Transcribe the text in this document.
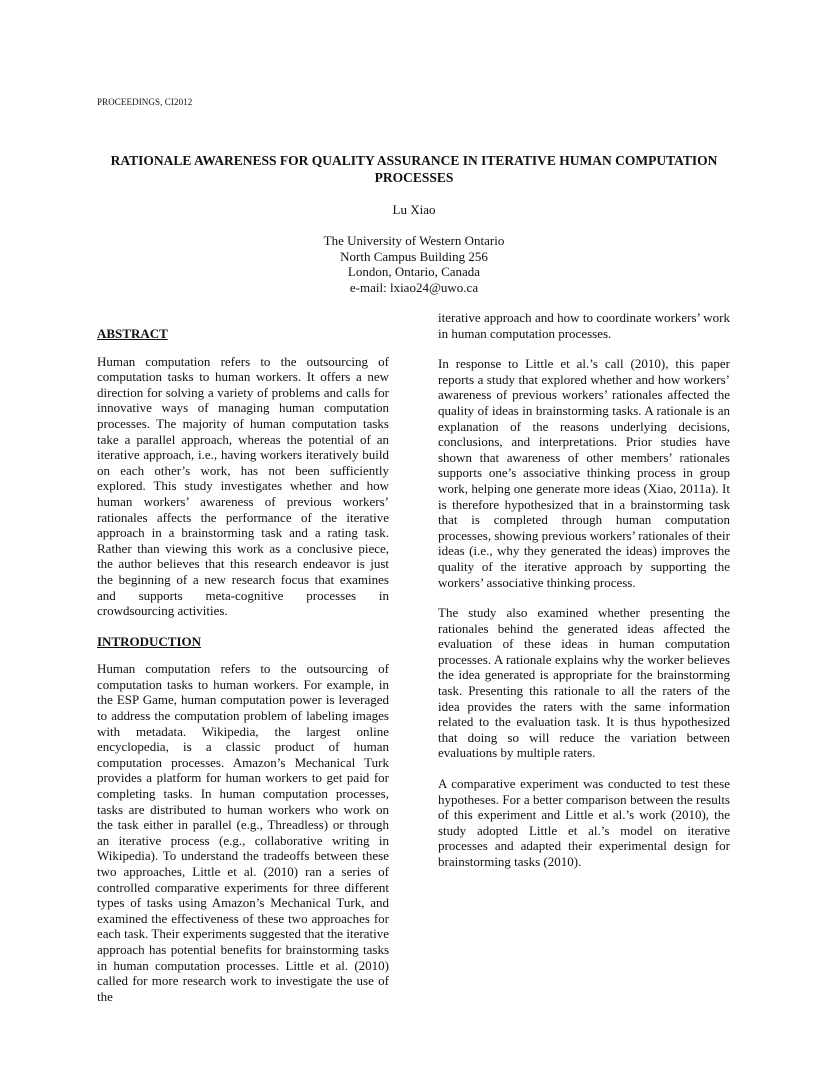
PROCEEDINGS, CI2012
RATIONALE AWARENESS FOR QUALITY ASSURANCE IN ITERATIVE HUMAN COMPUTATION PROCESSES
Lu Xiao
The University of Western Ontario
North Campus Building 256
London, Ontario, Canada
e-mail: lxiao24@uwo.ca
ABSTRACT

Human computation refers to the outsourcing of computation tasks to human workers. It offers a new direction for solving a variety of problems and calls for innovative ways of managing human computation processes. The majority of human computation tasks take a parallel approach, whereas the potential of an iterative approach, i.e., having workers iteratively build on each other’s work, has not been sufficiently explored. This study investigates whether and how human workers’ awareness of previous workers’ rationales affects the performance of the iterative approach in a brainstorming task and a rating task. Rather than viewing this work as a conclusive piece, the author believes that this research endeavor is just the beginning of a new research focus that examines and supports meta-cognitive processes in crowdsourcing activities.

INTRODUCTION

Human computation refers to the outsourcing of computation tasks to human workers. For example, in the ESP Game, human computation power is leveraged to address the computation problem of labeling images with metadata. Wikipedia, the largest online encyclopedia, is a classic product of human computation processes. Amazon’s Mechanical Turk provides a platform for human workers to get paid for completing tasks. In human computation processes, tasks are distributed to human workers who work on the task either in parallel (e.g., Threadless) or through an iterative process (e.g., collaborative writing in Wikipedia). To understand the tradeoffs between these two approaches, Little et al. (2010) ran a series of controlled comparative experiments for three different types of tasks using Amazon’s Mechanical Turk, and examined the effectiveness of these two approaches for each task. Their experiments suggested that the iterative approach has potential benefits for brainstorming tasks in human computation processes. Little et al. (2010) called for more research work to investigate the use of the

iterative approach and how to coordinate workers’ work in human computation processes.

In response to Little et al.’s call (2010), this paper reports a study that explored whether and how workers’ awareness of previous workers’ rationales affected the quality of ideas in brainstorming tasks. A rationale is an explanation of the reasons underlying decisions, conclusions, and interpretations. Prior studies have shown that awareness of other members’ rationales supports one’s associative thinking process in group work, helping one generate more ideas (Xiao, 2011a). It is therefore hypothesized that in a brainstorming task that is completed through human computation processes, showing previous workers’ rationales of their ideas (i.e., why they generated the ideas) improves the quality of the iterative approach by supporting the workers’ associative thinking process.

The study also examined whether presenting the rationales behind the generated ideas affected the evaluation of these ideas in human computation processes. A rationale explains why the worker believes the idea generated is appropriate for the brainstorming task. Presenting this rationale to all the raters of the idea provides the raters with the same information related to the evaluation task. It is thus hypothesized that doing so will reduce the variation between evaluations by multiple raters.

A comparative experiment was conducted to test these hypotheses. For a better comparison between the results of this experiment and Little et al.’s work (2010), the study adopted Little et al.’s model on iterative processes and adapted their experimental design for brainstorming tasks (2010).
